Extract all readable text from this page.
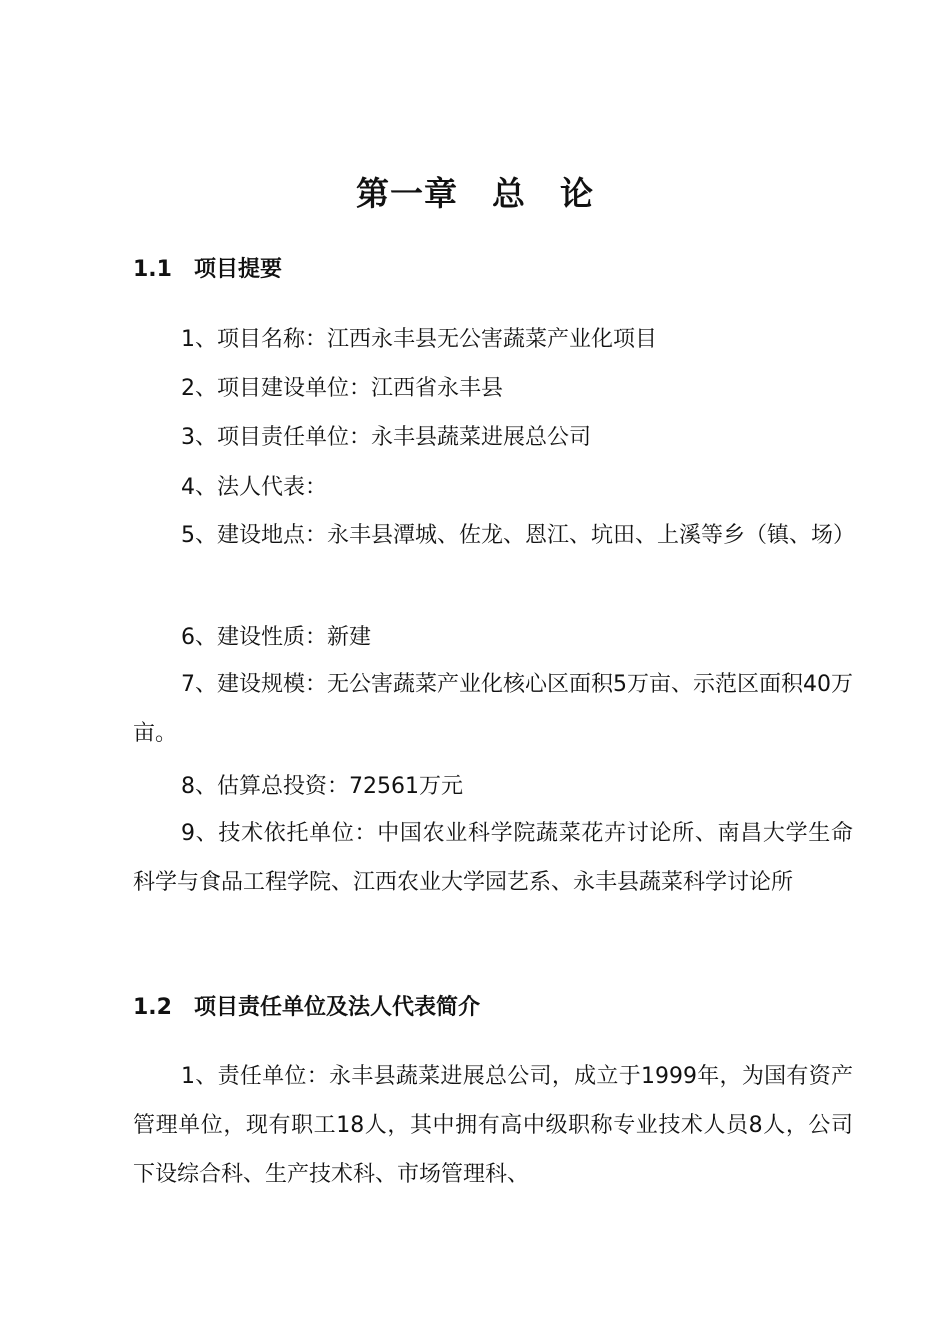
第一章　总　论
1.1　项目提要
1、项目名称：江西永丰县无公害蔬菜产业化项目
2、项目建设单位：江西省永丰县
3、项目责任单位：永丰县蔬菜进展总公司
4、法人代表：

5、建设地点：永丰县潭城、佐龙、恩江、坑田、上溪等乡（镇、场）

6、建设性质：新建

7、建设规模：无公害蔬菜产业化核心区面积5万亩、示范区面积40万亩。

8、估算总投资：72561万元

9、技术依托单位：中国农业科学院蔬菜花卉讨论所、南昌大学生命科学与食品工程学院、江西农业大学园艺系、永丰县蔬菜科学讨论所

1.2　项目责任单位及法人代表简介

1、责任单位：永丰县蔬菜进展总公司，成立于1999年，为国有资产管理单位，现有职工18人，其中拥有高中级职称专业技术人员8人，公司下设综合科、生产技术科、市场管理科、
